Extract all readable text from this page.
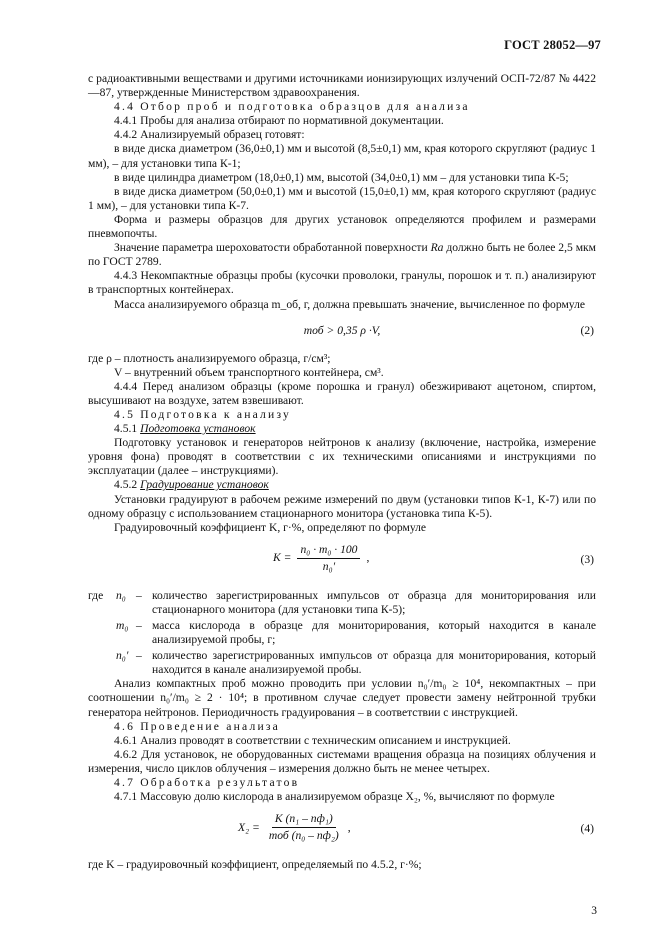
ГОСТ 28052—97

с радиоактивными веществами и другими источниками ионизирующих излучений ОСП-72/87 № 4422—87, утвержденные Министерством здравоохранения.

4.4 Отбор проб и подготовка образцов для анализа

4.4.1 Пробы для анализа отбирают по нормативной документации.

4.4.2 Анализируемый образец готовят:

в виде диска диаметром (36,0±0,1) мм и высотой (8,5±0,1) мм, края которого скругляют (радиус 1 мм), – для установки типа К-1;

в виде цилиндра диаметром (18,0±0,1) мм, высотой (34,0±0,1) мм – для установки типа К-5;

в виде диска диаметром (50,0±0,1) мм и высотой (15,0±0,1) мм, края которого скругляют (радиус 1 мм), – для установки типа К-7.

Форма и размеры образцов для других установок определяются профилем и размерами пневмопочты.

Значение параметра шероховатости обработанной поверхности Ra должно быть не более 2,5 мкм по ГОСТ 2789.

4.4.3 Некомпактные образцы пробы (кусочки проволоки, гранулы, порошок и т. п.) анализируют в транспортных контейнерах.

Масса анализируемого образца m_об, г, должна превышать значение, вычисленное по формуле

mоб > 0,35 ρ ·V,	(2)

где ρ – плотность анализируемого образца, г/см³;

V – внутренний объем транспортного контейнера, см³.

4.4.4 Перед анализом образцы (кроме порошка и гранул) обезжиривают ацетоном, спиртом, высушивают на воздухе, затем взвешивают.

4.5 Подготовка к анализу

4.5.1 Подготовка установок

Подготовку установок и генераторов нейтронов к анализу (включение, настройка, измерение уровня фона) проводят в соответствии с их техническими описаниями и инструкциями по эксплуатации (далее – инструкциями).

4.5.2 Градуирование установок

Установки градуируют в рабочем режиме измерений по двум (установки типов К-1, К-7) или по одному образцу с использованием стационарного монитора (установка типа К-5).

Градуировочный коэффициент K, г·%, определяют по формуле

$K = \frac{\text{n₀ · m₀ · 100}}{\text{n₀′}}$ ,	(3)
где	n₀ – количество зарегистрированных импульсов от образца для мониторирования или стационарного монитора (для установки типа К-5);
m₀ – масса кислорода в образце для мониторирования, который находится в канале анализируемой пробы, г;
n₀′ – количество зарегистрированных импульсов от образца для мониторирования, который находится в канале анализируемой пробы.

Анализ компактных проб можно проводить при условии n₀′/m₀ ≥ 10⁴, некомпактных – при соотношении n₀′/m₀ ≥ 2 · 10⁴; в противном случае следует провести замену нейтронной трубки генератора нейтронов. Периодичность градуирования – в соответствии с инструкцией.

4.6 Проведение анализа

4.6.1 Анализ проводят в соответствии с техническим описанием и инструкцией.

4.6.2 Для установок, не оборудованных системами вращения образца на позициях облучения и измерения, число циклов облучения – измерения должно быть не менее четырех.

4.7 Обработка результатов

4.7.1 Массовую долю кислорода в анализируемом образце X₂, %, вычисляют по формуле

$X_2 = \frac{\text{K (n₁ – nф₁)}}{\text{mоб (n₀ – nф₂)}}$ ,	(4)

где K – градуировочный коэффициент, определяемый по 4.5.2, г·%;

3
